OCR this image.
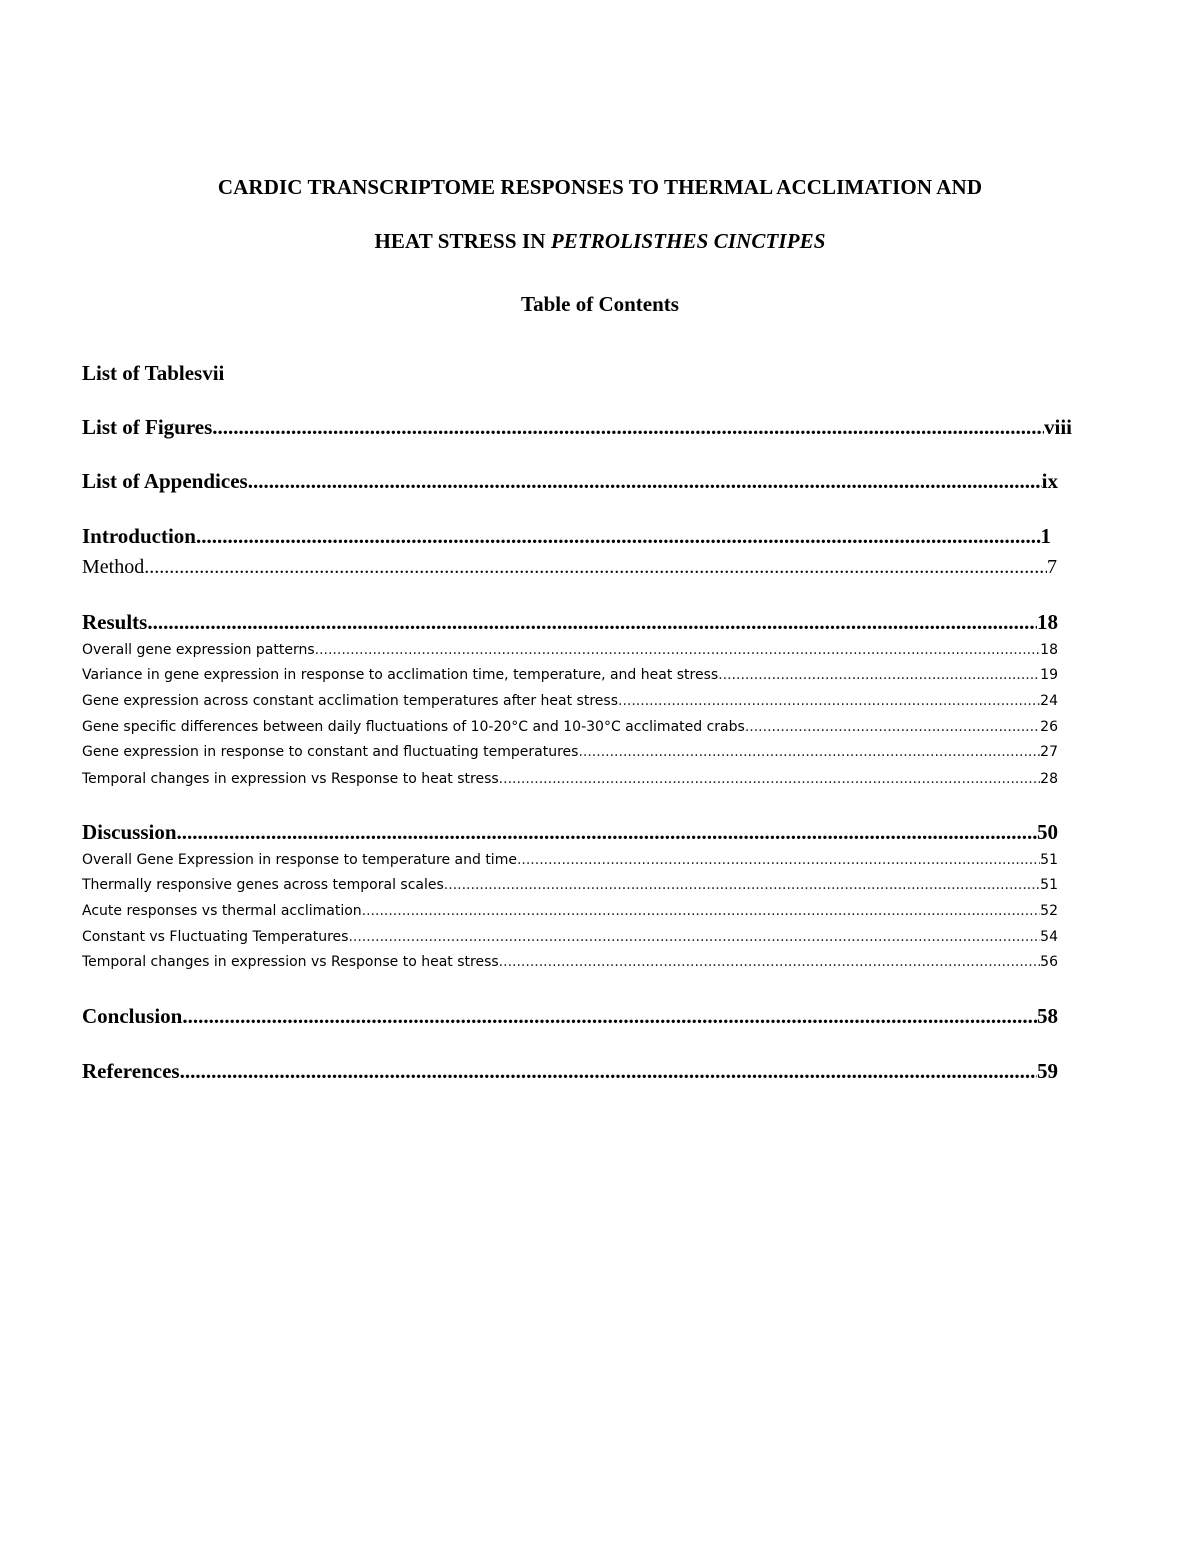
CARDIC TRANSCRIPTOME RESPONSES TO THERMAL ACCLIMATION AND
HEAT STRESS IN PETROLISTHES CINCTIPES
Table of Contents
List of Tablesvii
List of Figures .....	viii
List of Appendices .....	ix
Introduction .....	1
Method .....	7
Results .....	18
Overall gene expression patterns .....	18
Variance in gene expression in response to acclimation time, temperature, and heat stress .....	19
Gene expression across constant acclimation temperatures after heat stress .....	24
Gene specific differences between daily fluctuations of 10-20°C and 10-30°C acclimated crabs .....	26
Gene expression in response to constant and fluctuating temperatures .....	27
Temporal changes in expression vs Response to heat stress .....	28
Discussion. .....	50
Overall Gene Expression in response to temperature and time .....	51
Thermally responsive genes across temporal scales .....	51
Acute responses vs thermal acclimation .....	52
Constant vs Fluctuating Temperatures .....	54
Temporal changes in expression vs Response to heat stress .....	56
Conclusion .....	58
References .....	59
